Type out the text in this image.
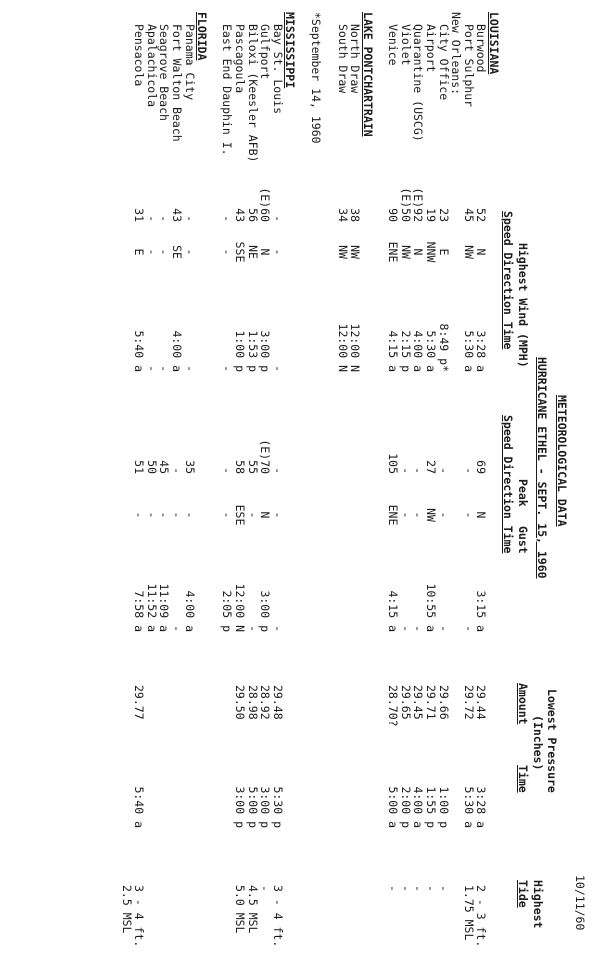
10/11/60
METEOROLOGICAL DATA
HURRICANE ETHEL - SEPT. 15, 1960
Highest Wind (MPH)
Speed Direction Time
Peak
Gust
Speed Direction Time
Lowest Pressure
(Inches)
Amount
Time
Highest
Tide
LOUISIANA
Burwood
52
N
3:28 a
69
N
3:15 a
29.44
3:28 a
2 - 3 ft.
Port Sulphur
45
NW
5:30 a
-
-
-
29.72
5:30 a
1.75 MSL
New Orleans:
City Office
23
E
8:49 p*
-
-
-
29.66
1:00 p
-
Airport
19
NNW
5:30 a
27
NW
10:55 a
29.71
1:55 p
-
Quarantine (USCG)
(E)92
N
4:00 a
-
-
-
29.45
4:00 a
-
Violet
(E)50
NW
2:15 p
-
-
-
29.65
2:00 p
-
Venice
90
ENE
4:15 a
105
ENE
4:15 a
28.70?
5:00 a
-
LAKE PONTCHARTRAIN
North Draw
38
NW
12:00 N
South Draw
34
NW
12:00 N
*September 14, 1960
MISSISSIPPI
Bay St. Louis
-
-
-
-
-
-
29.48
5:30 p
3 - 4 ft.
Gulfport
(E)60
N
3:00 p
(E)70
N
3:00 p
28.92
3:00 p
-
Biloxi (Keesler AFB)
56
NE
1:53 p
55
-
-
28.98
5:00 p
4.5 MSL
Pascagoula
43
SSE
1:00 p
58
ESE
12:00 N
29.50
3:00 p
5.0 MSL
East End Dauphin I.
-
-
-
-
-
2:05 p
FLORIDA
Panama City
-
-
-
35
-
4:00 a
Fort Walton Beach
43
SE
4:00 a
-
-
-
Seagrove Beach
-
-
-
45
-
11:09 a
Apalachicola
-
-
-
50
-
11:52 a
Pensacola
31
E
5:40 a
51
-
7:58 a
29.77
5:40 a
3 - 4 ft.
2.5 MSL
